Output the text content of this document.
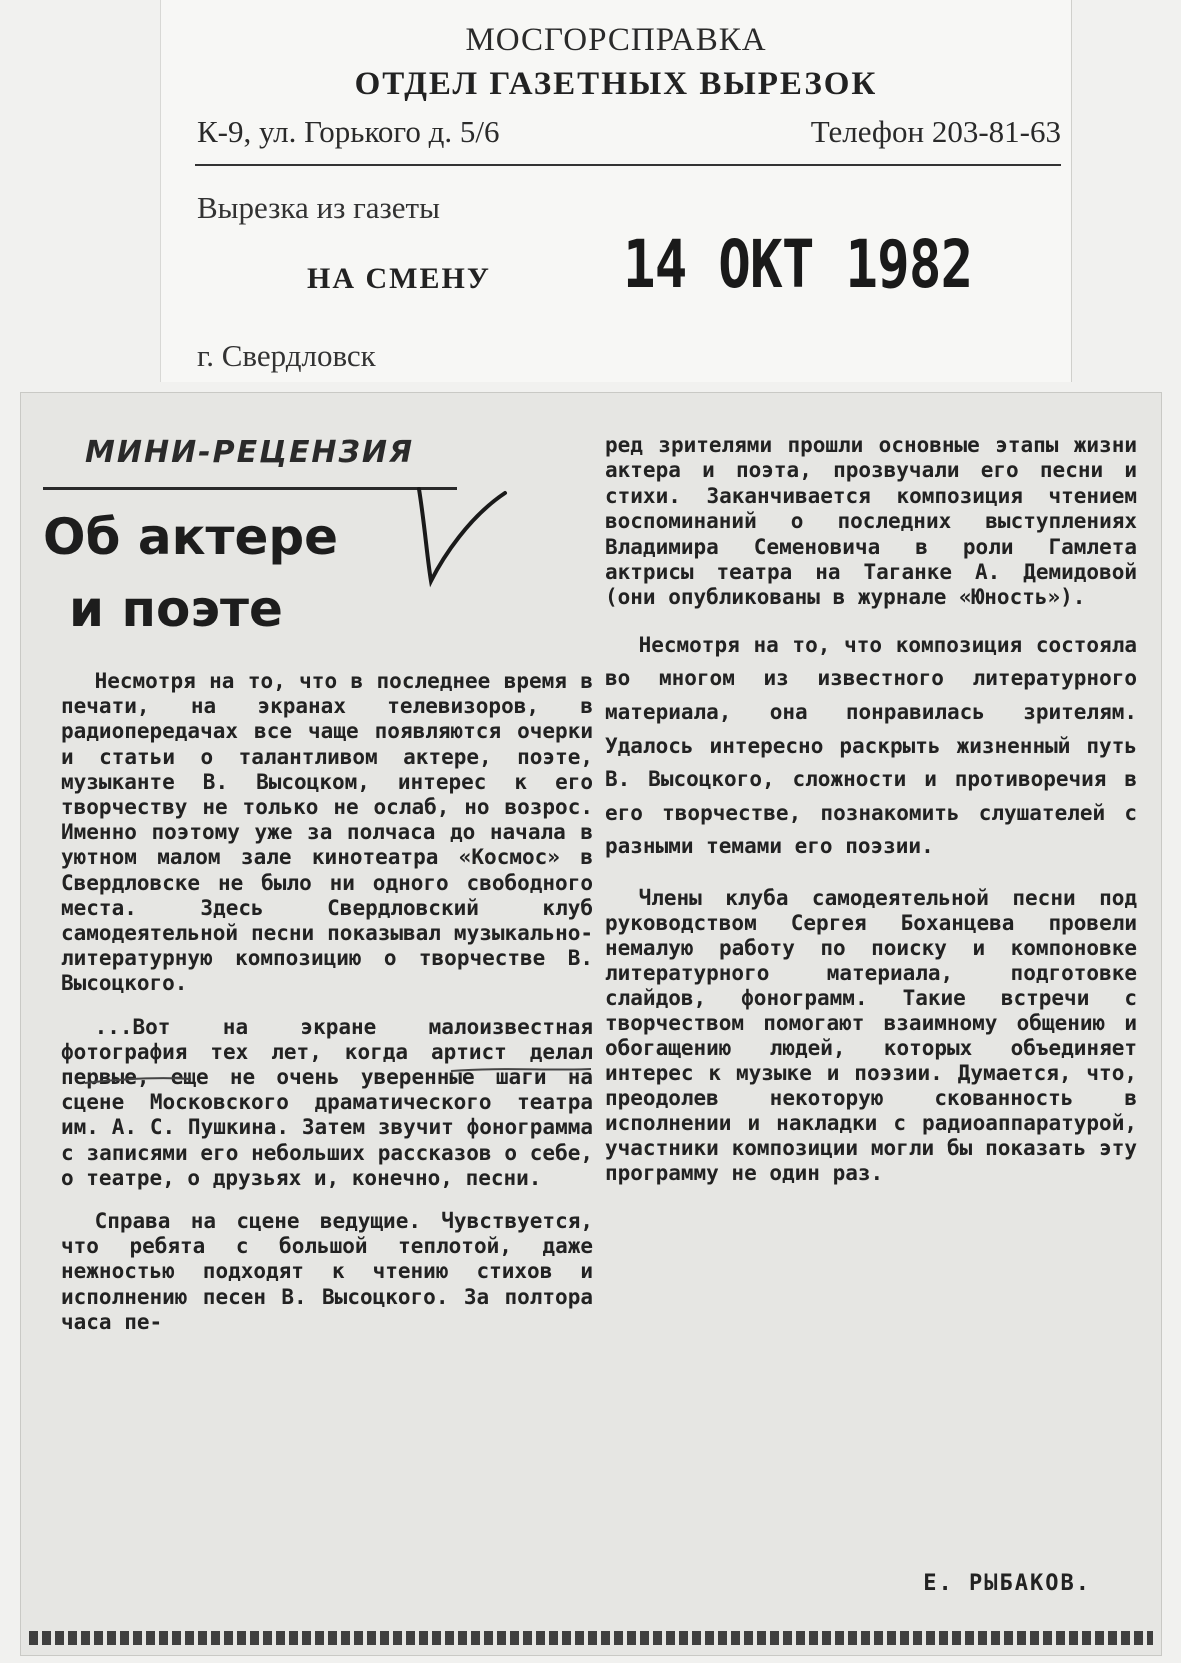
МОСГОРСПРАВКА
ОТДЕЛ ГАЗЕТНЫХ ВЫРЕЗОК
К-9, ул. Горького д. 5/6	Телефон 203-81-63
Вырезка из газеты
НА СМЕНУ 14 ОКТ 1982
г. Свердловск
МИНИ-РЕЦЕНЗИЯ
Об актере
и поэте

Несмотря на то, что в последнее время в печати, на экранах телевизоров, в радиопередачах все чаще появляются очерки и статьи о талантливом актере, поэте, музыканте В. Высоцком, интерес к его творчеству не только не ослаб, но возрос. Именно поэтому уже за полчаса до начала в уютном малом зале кинотеатра «Космос» в Свердловске не было ни одного свободного места. Здесь Свердловский клуб самодеятельной песни показывал музыкально-литературную композицию о творчестве В. Высоцкого.

...Вот на экране малоизвестная фотография тех лет, когда артист делал первые, еще не очень уверенные шаги на сцене Московского драматического театра им. А. С. Пушкина. Затем звучит фонограмма с записями его небольших рассказов о себе, о театре, о друзьях и, конечно, песни.

Справа на сцене ведущие. Чувствуется, что ребята с большой теплотой, даже нежностью подходят к чтению стихов и исполнению песен В. Высоцкого. За полтора часа пе-

ред зрителями прошли основные этапы жизни актера и поэта, прозвучали его песни и стихи. Заканчивается композиция чтением воспоминаний о последних выступлениях Владимира Семеновича в роли Гамлета актрисы театра на Таганке А. Демидовой (они опубликованы в журнале «Юность»).

Несмотря на то, что композиция состояла во многом из известного литературного материала, она понравилась зрителям. Удалось интересно раскрыть жизненный путь В. Высоцкого, сложности и противоречия в его творчестве, познакомить слушателей с разными темами его поэзии.

Члены клуба самодеятельной песни под руководством Сергея Боханцева провели немалую работу по поиску и компоновке литературного материала, подготовке слайдов, фонограмм. Такие встречи с творчеством помогают взаимному общению и обогащению людей, которых объединяет интерес к музыке и поэзии. Думается, что, преодолев некоторую скованность в исполнении и накладки с радиоаппаратурой, участники композиции могли бы показать эту программу не один раз.

Е. РЫБАКОВ.
